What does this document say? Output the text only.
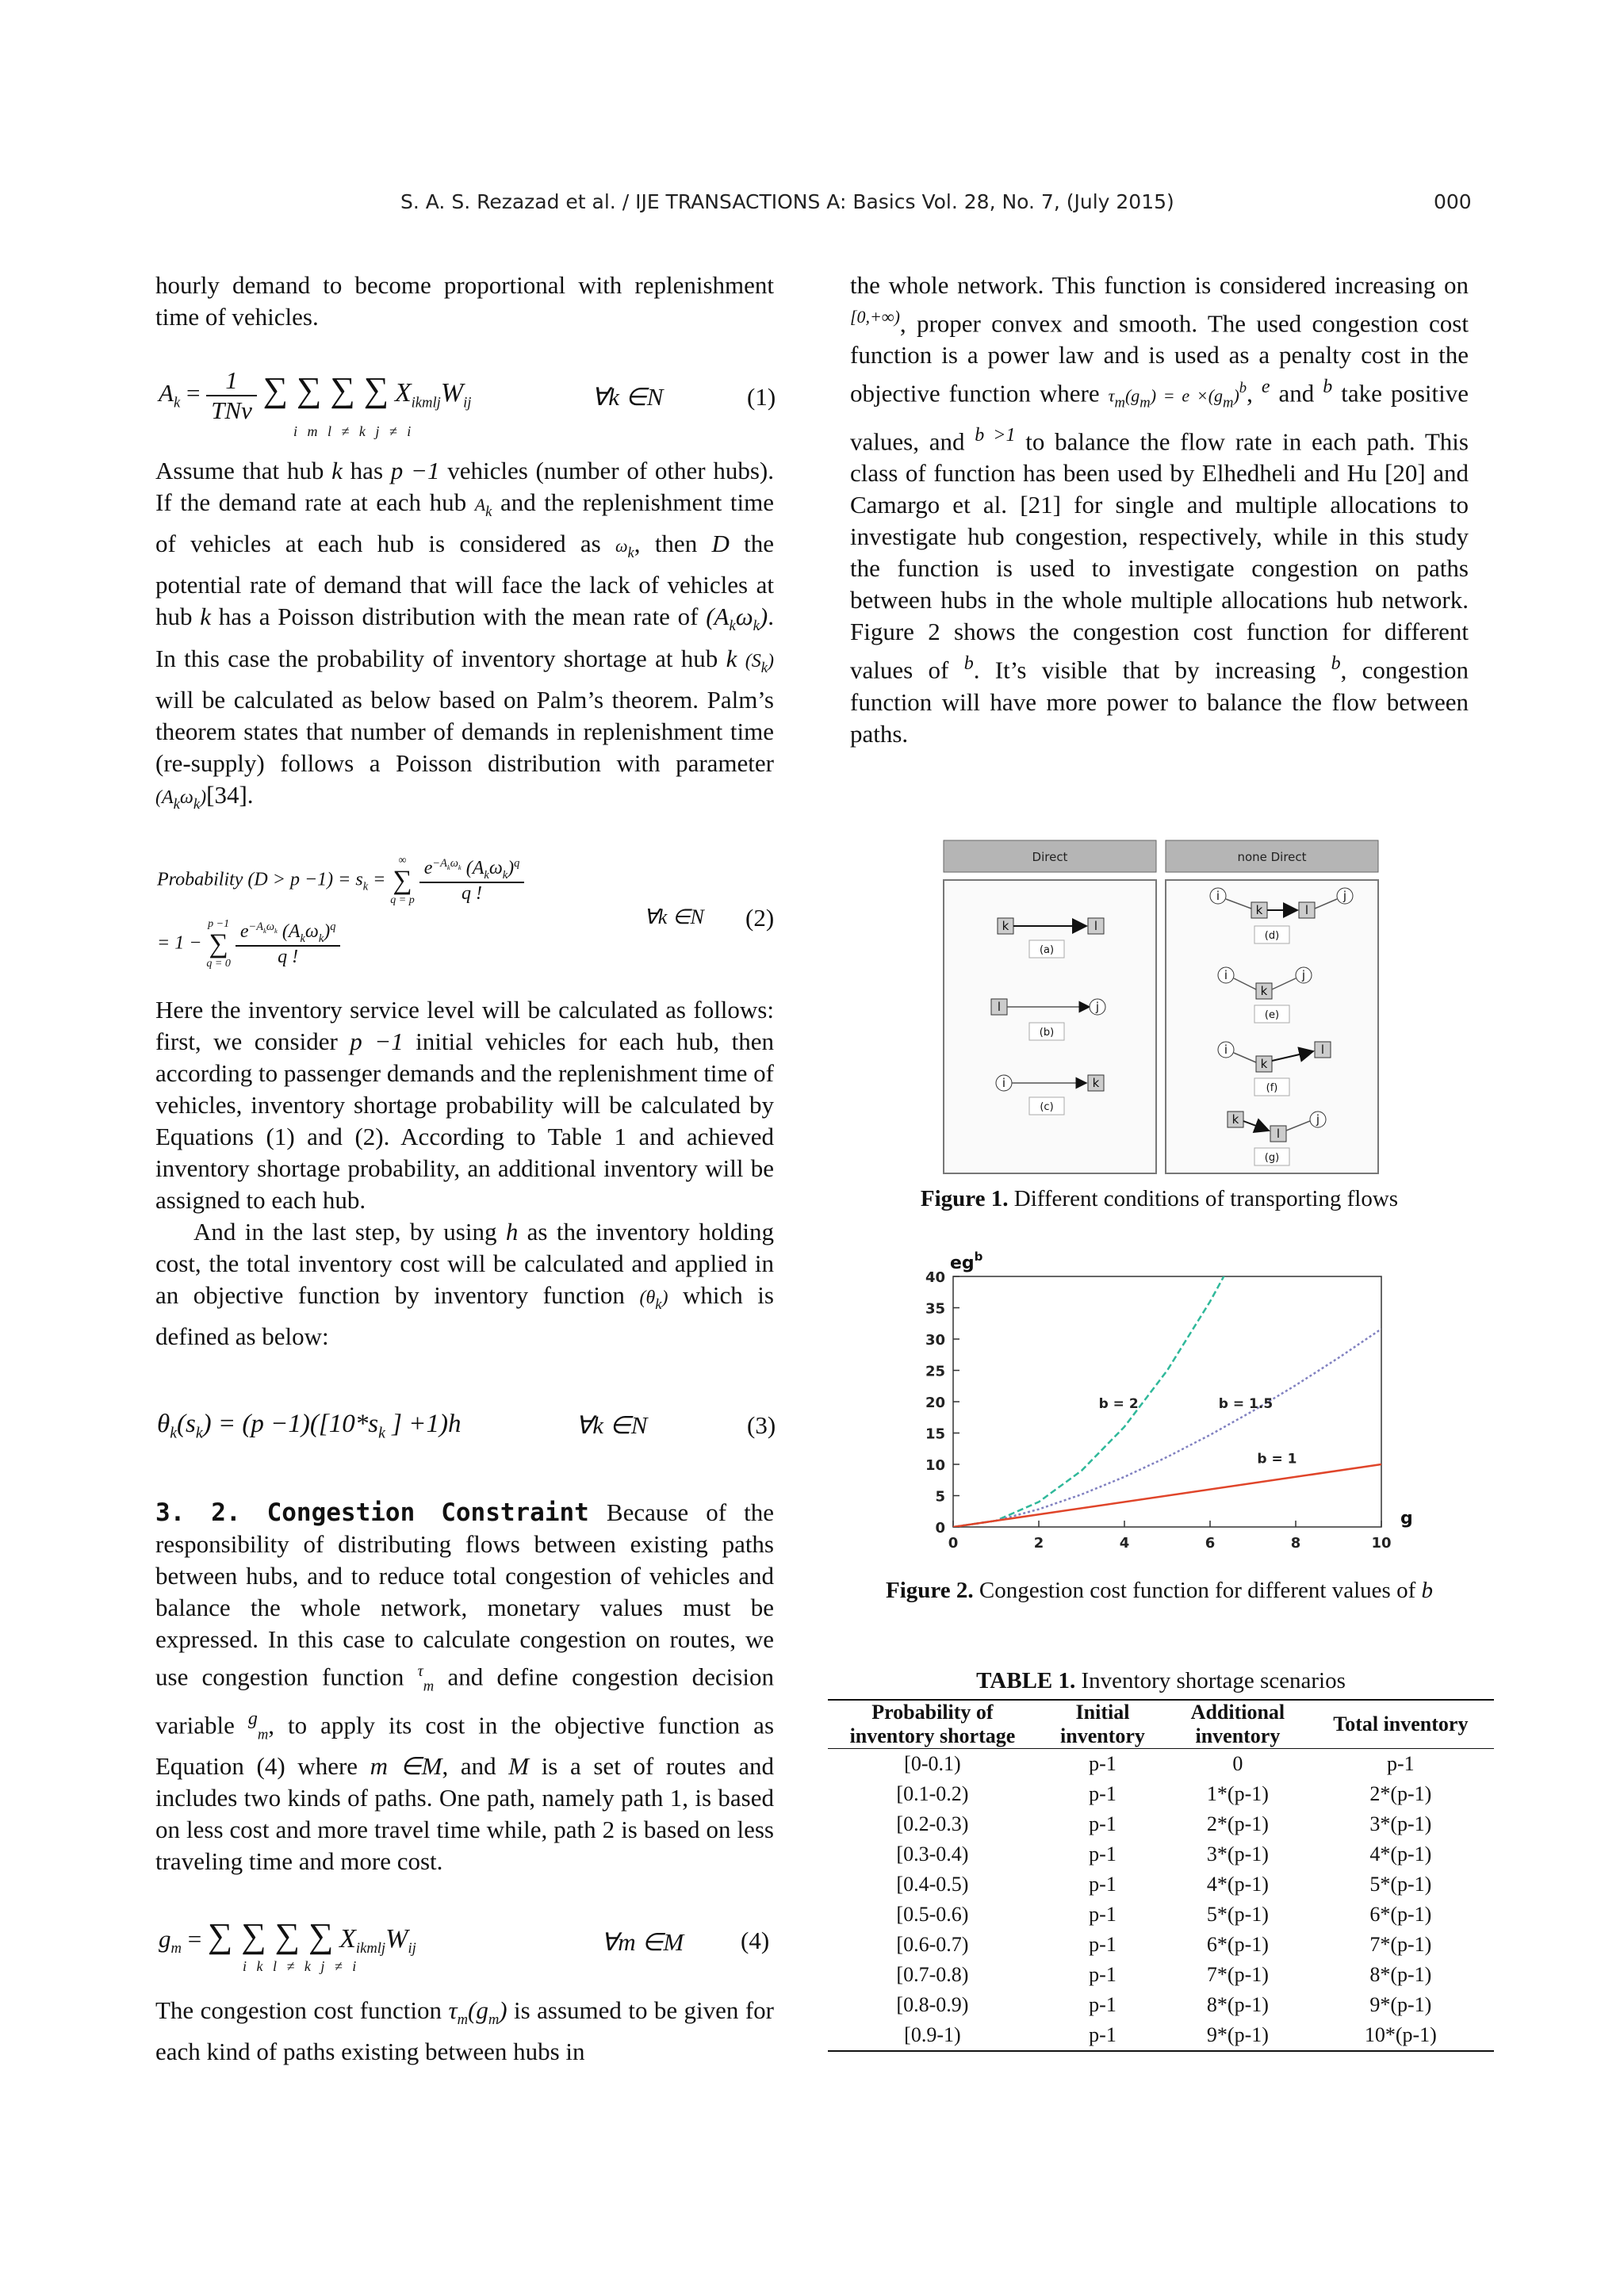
S. A. S. Rezazad et al. / IJE TRANSACTIONS A: Basics Vol. 28, No. 7, (July 2015)	000

hourly demand to become proportional with replenishment time of vehicles.

$A_k = \frac{1}{\text{TNv}}$ ∑ ∑ ∑ ∑ $X_{ikmlj}W_{ij}$
i m l ≠ k j ≠ i
∀k ∈N	(1)

Assume that hub k has p −1 vehicles (number of other hubs). If the demand rate at each hub $A_k$ and the replenishment time of vehicles at each hub is considered as $\omega_k$, then D the potential rate of demand that will face the lack of vehicles at hub k has a Poisson distribution with the mean rate of $(A_k\omega_k)$. In this case the probability of inventory shortage at hub k $(S_k)$ will be calculated as below based on Palm’s theorem. Palm’s theorem states that number of demands in replenishment time (re-supply) follows a Poisson distribution with parameter $(A_k\omega_k)[34]$.

Probability $(D > p -1) = s_k$ =
∞
∑
q = p
$\frac{e^{-A_k\omega_k} (A_k\omega_k)^q}{q !}$
= 1 −
p −1
∑
q = 0
$\frac{e^{-A_k\omega_k} (A_k\omega_k)^q}{q !}$
∀k ∈N (2)

Here the inventory service level will be calculated as follows: first, we consider p −1 initial vehicles for each hub, then according to passenger demands and the replenishment time of vehicles, inventory shortage probability will be calculated by Equations (1) and (2). According to Table 1 and achieved inventory shortage probability, an additional inventory will be assigned to each hub.

And in the last step, by using h as the inventory holding cost, the total inventory cost will be calculated and applied in an objective function by inventory function $(\theta_k)$ which is defined as below:

$\theta_k(s_k) = (p -1)([10*s_k$ ] +1)h	∀k ∈N	(3)

3. 2. Congestion Constraint Because of the responsibility of distributing flows between existing paths between hubs, and to reduce total congestion of vehicles and balance the whole network, monetary values must be expressed. In this case to calculate congestion on routes, we use congestion function $^\tau_m$ and define congestion decision variable $^g_m$, to apply its cost in the objective function as Equation (4) where m ∈M, and M is a set of routes and includes two kinds of paths. One path, namely path 1, is based on less cost and more travel time while, path 2 is based on less traveling time and more cost.

$g_m$ = ∑ ∑ ∑ ∑ $X_{ikmlj}W_{ij}$
i k l ≠ k j ≠ i
∀m ∈M (4)

The congestion cost function $\tau_m(g_m)$ is assumed to be given for each kind of paths existing between hubs in

the whole network. This function is considered increasing on $^{[0,+\infty)}$, proper convex and smooth. The used congestion cost function is a power law and is used as a penalty cost in the objective function where $\tau_m(g_m) = e \times(g_m)^b$, $^e$ and $^b$ take positive values, and $^{b >1}$ to balance the flow rate in each path. This class of function has been used by Elhedheli and Hu [20] and Camargo et al. [21] for single and multiple allocations to investigate hub congestion, respectively, while in this study the function is used to investigate congestion on paths between hubs in the whole multiple allocations hub network. Figure 2 shows the congestion cost function for different values of $^b$. It’s visible that by increasing $^b$, congestion function will have more power to balance the flow between paths.

Direct	none Direct
k	l
(a)
l	j
(b)
i	k
(c)
i
k	l
j
(d)
i
k
j
(e)
i
k
l
(f)
k
l
j
(g)
Figure 1. Different conditions of transporting flows
0
5
10
15
20
25
30
35
40
0	2	4	6	8	10
$eg^b$
g
b = 2	b = 1.5
b = 1
Figure 2. Congestion cost function for different values of b
TABLE 1. Inventory shortage scenarios
Probability of inventory shortage	Initial inventory	Additional inventory	Total inventory
[0-0.1)	p-1	0	p-1
[0.1-0.2)	p-1	1*(p-1)	2*(p-1)
[0.2-0.3)	p-1	2*(p-1)	3*(p-1)
[0.3-0.4)	p-1	3*(p-1)	4*(p-1)
[0.4-0.5)	p-1	4*(p-1)	5*(p-1)
[0.5-0.6)	p-1	5*(p-1)	6*(p-1)
[0.6-0.7)	p-1	6*(p-1)	7*(p-1)
[0.7-0.8)	p-1	7*(p-1)	8*(p-1)
[0.8-0.9)	p-1	8*(p-1)	9*(p-1)
[0.9-1)	p-1	9*(p-1)	10*(p-1)
